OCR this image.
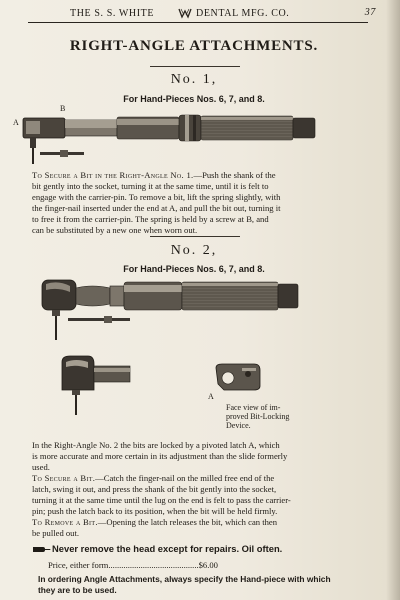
THE S. S. WHITE	DENTAL MFG. CO.	37
RIGHT-ANGLE ATTACHMENTS.
No. 1,
For Hand-Pieces Nos. 6, 7, and 8.
A
B
To Secure a Bit in the Right-Angle No. 1.—Push the shank of the
bit gently into the socket, turning it at the same time, until it is felt to
engage with the carrier-pin. To remove a bit, lift the spring slightly, with
the finger-nail inserted under the end at A, and pull the bit out, turning it
to free it from the carrier-pin. The spring is held by a screw at B, and
can be substituted by a new one when worn out.
No. 2,
For Hand-Pieces Nos. 6, 7, and 8.
A
Face view of im-
proved Bit-Locking
Device.
In the Right-Angle No. 2 the bits are locked by a pivoted latch A, which
is more accurate and more certain in its adjustment than the slide formerly
used.
To Secure a Bit.—Catch the finger-nail on the milled free end of the
latch, swing it out, and press the shank of the bit gently into the socket,
turning it at the same time until the lug on the end is felt to pass the carrier-
pin; push the latch back to its position, when the bit will be held firmly.
To Remove a Bit.—Opening the latch releases the bit, which can then
be pulled out.
Never remove the head except for repairs. Oil often.
Price, either form..........................................$6.00
In ordering Angle Attachments, always specify the Hand-piece with which
they are to be used.
